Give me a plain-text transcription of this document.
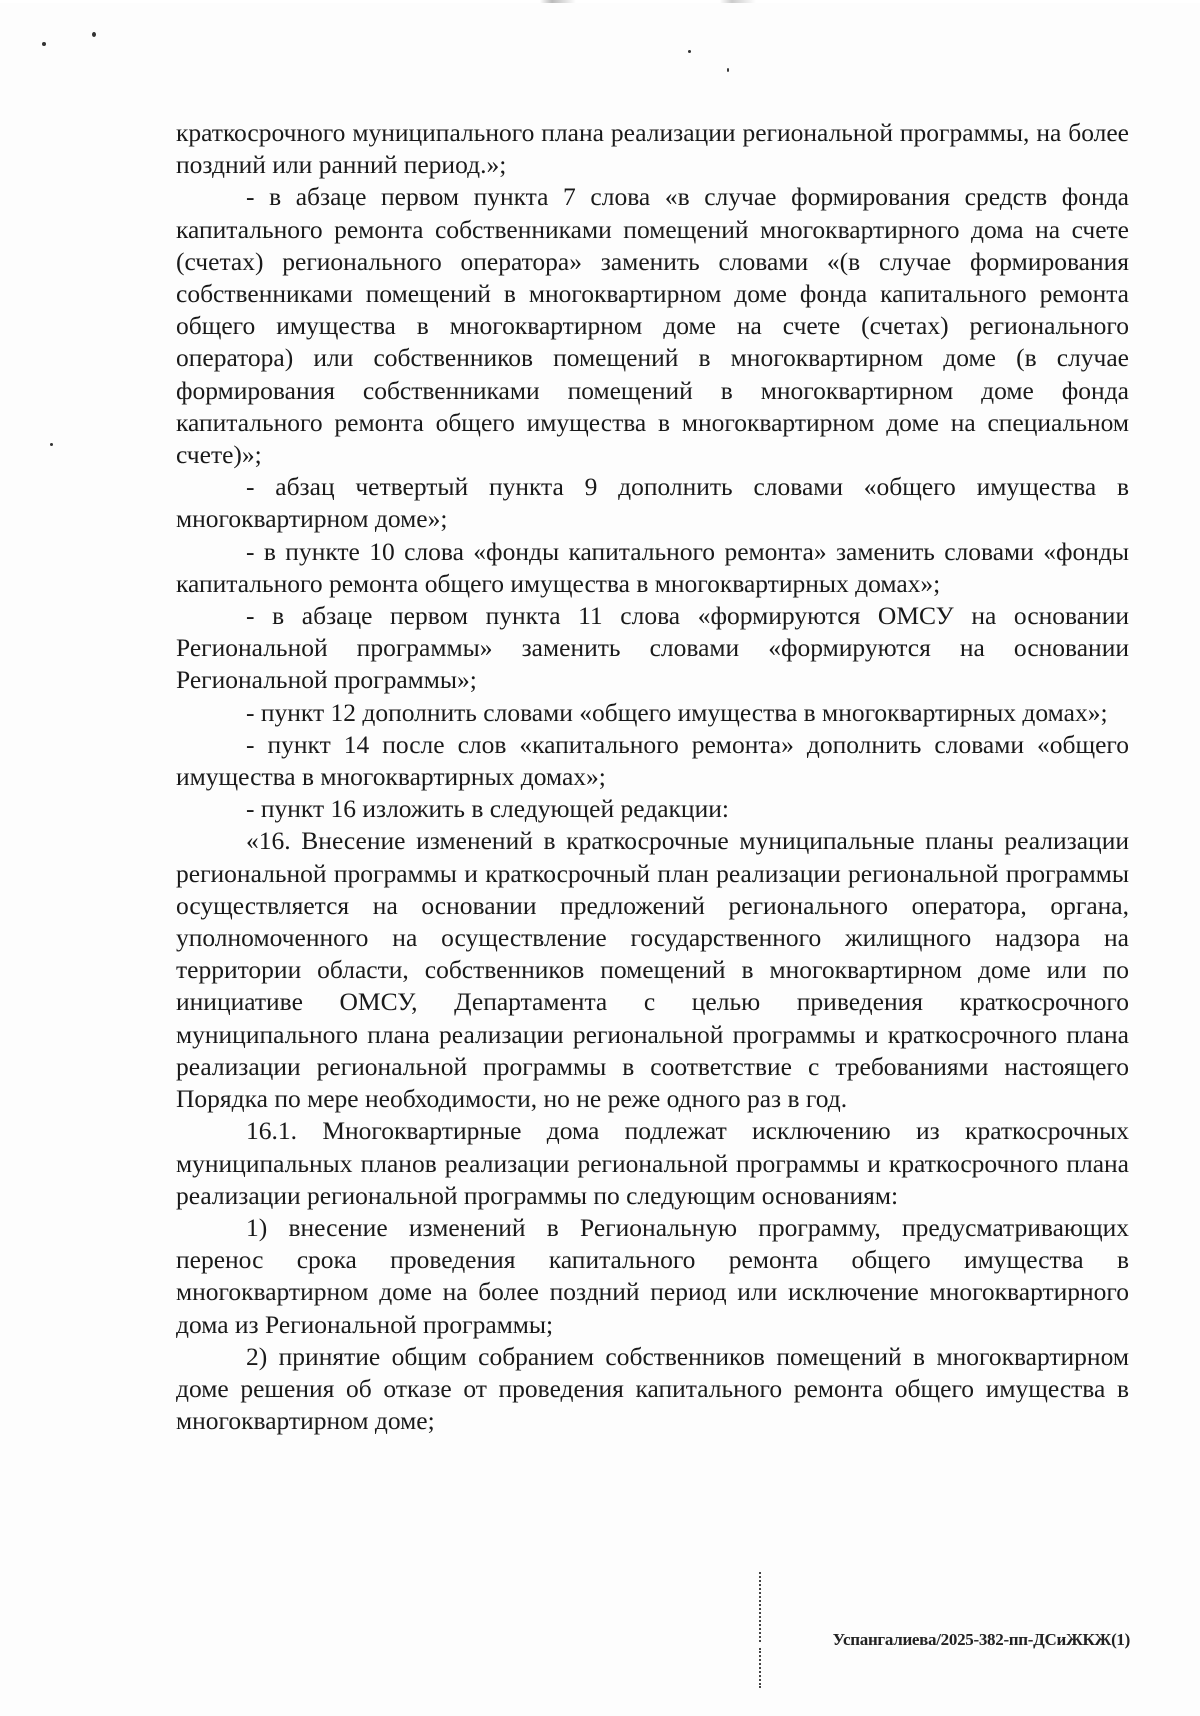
краткосрочного муниципального плана реализации региональной программы, на более поздний или ранний период.»;

- в абзаце первом пункта 7 слова «в случае формирования средств фонда капитального ремонта собственниками помещений многоквартирного дома на счете (счетах) регионального оператора» заменить словами «(в случае формирования собственниками помещений в многоквартирном доме фонда капитального ремонта общего имущества в многоквартирном доме на счете (счетах) регионального оператора) или собственников помещений в многоквартирном доме (в случае формирования собственниками помещений в многоквартирном доме фонда капитального ремонта общего имущества в многоквартирном доме на специальном счете)»;

- абзац четвертый пункта 9 дополнить словами «общего имущества в многоквартирном доме»;

- в пункте 10 слова «фонды капитального ремонта» заменить словами «фонды капитального ремонта общего имущества в многоквартирных домах»;

- в абзаце первом пункта 11 слова «формируются ОМСУ на основании Региональной программы» заменить словами «формируются на основании Региональной программы»;

- пункт 12 дополнить словами «общего имущества в многоквартирных домах»;

- пункт 14 после слов «капитального ремонта» дополнить словами «общего имущества в многоквартирных домах»;

- пункт 16 изложить в следующей редакции:

«16. Внесение изменений в краткосрочные муниципальные планы реализации региональной программы и краткосрочный план реализации региональной программы осуществляется на основании предложений регионального оператора, органа, уполномоченного на осуществление государственного жилищного надзора на территории области, собственников помещений в многоквартирном доме или по инициативе ОМСУ, Департамента с целью приведения краткосрочного муниципального плана реализации региональной программы и краткосрочного плана реализации региональной программы в соответствие с требованиями настоящего Порядка по мере необходимости, но не реже одного раз в год.

16.1. Многоквартирные дома подлежат исключению из краткосрочных муниципальных планов реализации региональной программы и краткосрочного плана реализации региональной программы по следующим основаниям:

1) внесение изменений в Региональную программу, предусматривающих перенос срока проведения капитального ремонта общего имущества в многоквартирном доме на более поздний период или исключение многоквартирного дома из Региональной программы;

2) принятие общим собранием собственников помещений в многоквартирном доме решения об отказе от проведения капитального ремонта общего имущества в многоквартирном доме;

Успангалиева/2025-382-пп-ДСиЖКЖ(1)
